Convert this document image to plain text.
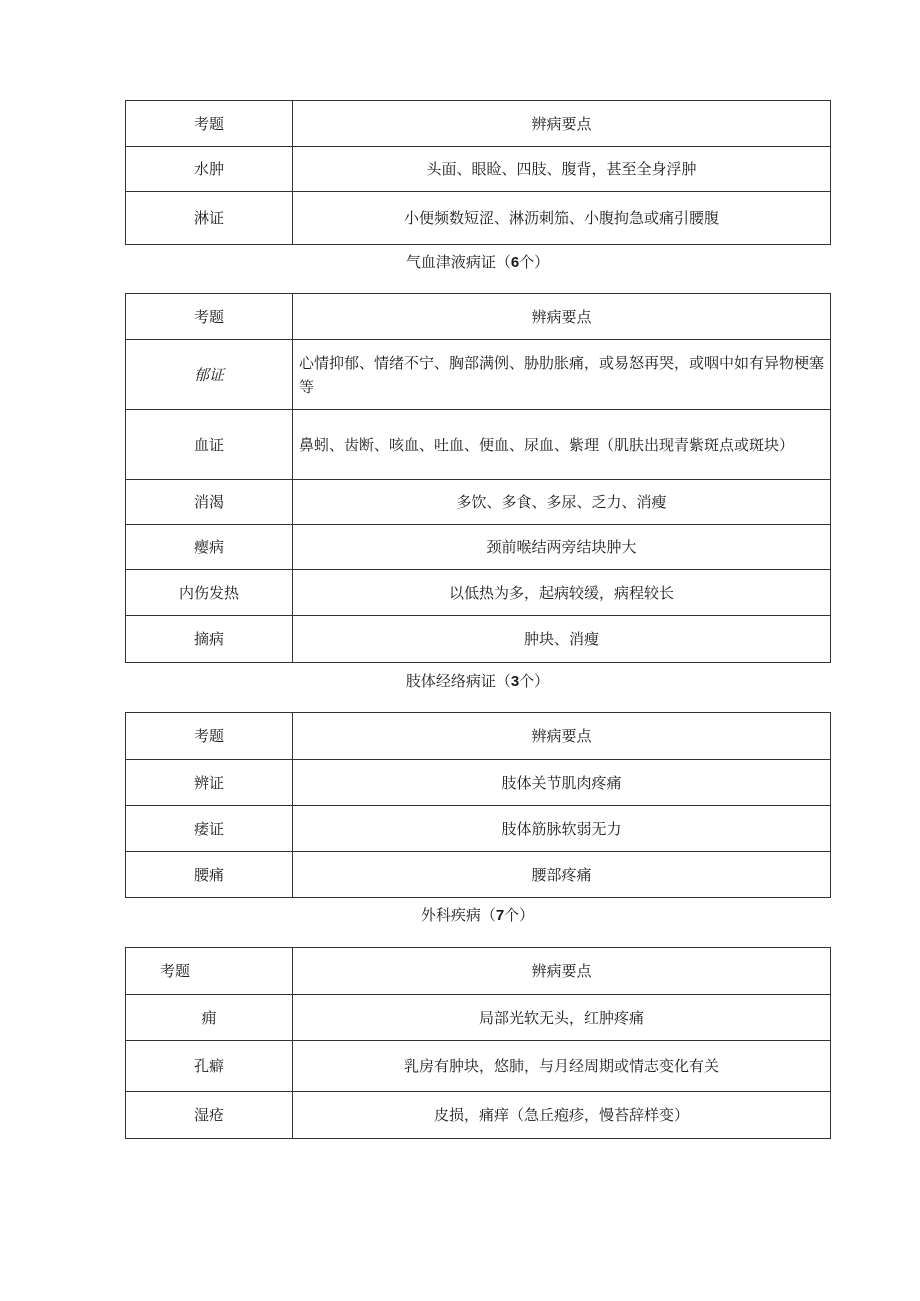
考题	辨病要点
水肿	头面、眼睑、四肢、腹背，甚至全身浮肿
淋证	小便频数短涩、淋沥刺笳、小腹拘急或痛引腰腹
气血津液病证（6个）
考题	辨病要点
郁证	心情抑郁、情绪不宁、胸部满例、胁肋胀痛，或易怒再哭，或咽中如有异物梗塞等
血证	鼻蚓、齿断、咳血、吐血、便血、尿血、紫理（肌肤出现青紫斑点或斑块）
消渴	多饮、多食、多尿、乏力、消瘦
瘿病	颈前喉结两旁结块肿大
内伤发热	以低热为多，起病较缓，病程较长
摘病	肿块、消瘦
肢体经络病证（3个）
考题	辨病要点
辨证	肢体关节肌肉疼痛
痿证	肢体筋脉软弱无力
腰痛	腰部疼痛
外科疾病（7个）
考题	辨病要点
痈	局部光软无头，红肿疼痛
孔癖	乳房有肿块，悠肺，与月经周期或情志变化有关
湿疮	皮损，痛痒（急丘疱疹，慢苔辞样变）
